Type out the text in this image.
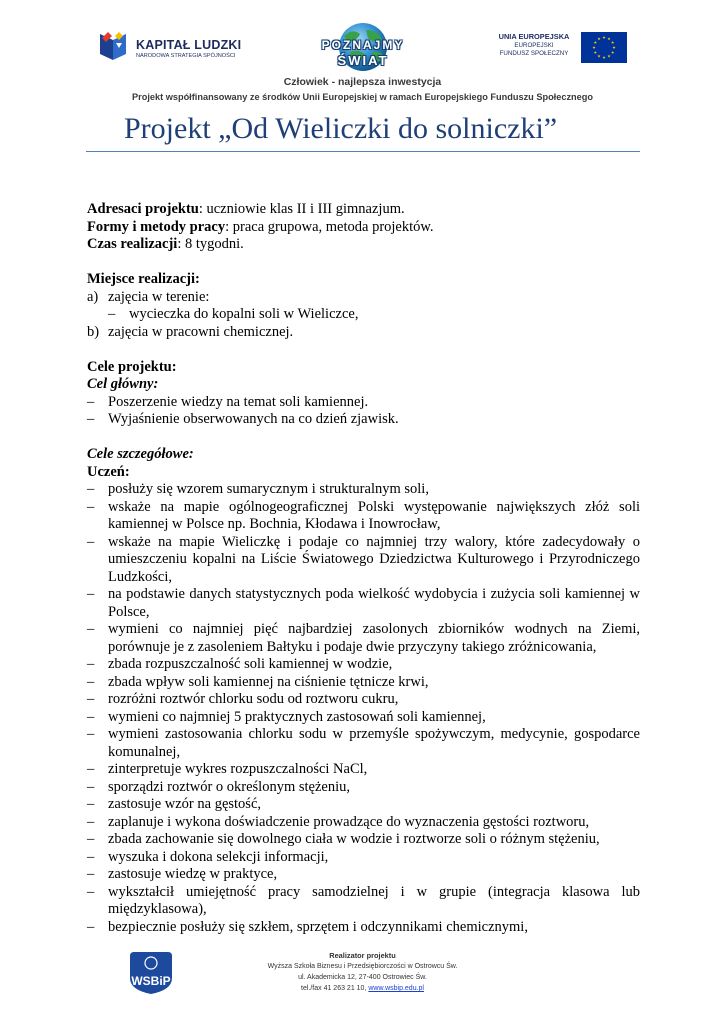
KAPITAŁ LUDZKI
NARODOWA STRATEGIA SPÓJNOŚCI
POZNAJMY
ŚWIAT
UNIA EUROPEJSKA
EUROPEJSKI
FUNDUSZ SPOŁECZNY
Człowiek - najlepsza inwestycja
Projekt współfinansowany ze środków Unii Europejskiej w ramach Europejskiego Funduszu Społecznego
Projekt „Od Wieliczki do solniczki”

Adresaci projektu: uczniowie klas II i III gimnazjum.

Formy i metody pracy: praca grupowa, metoda projektów.

Czas realizacji: 8 tygodni.

Miejsce realizacji:

a) zajęcia w terenie:
– wycieczka do kopalni soli w Wieliczce,
b) zajęcia w pracowni chemicznej.

Cele projektu:

Cel główny:

– Poszerzenie wiedzy na temat soli kamiennej.
– Wyjaśnienie obserwowanych na co dzień zjawisk.

Cele szczegółowe:

Uczeń:

– posłuży się wzorem sumarycznym i strukturalnym soli,
– wskaże na mapie ogólnogeograficznej Polski występowanie największych złóż soli kamiennej w Polsce np. Bochnia, Kłodawa i Inowrocław,
– wskaże na mapie Wieliczkę i podaje co najmniej trzy walory, które zadecydowały o umieszczeniu kopalni na Liście Światowego Dziedzictwa Kulturowego i Przyrodniczego Ludzkości,
– na podstawie danych statystycznych poda wielkość wydobycia i zużycia soli kamiennej w Polsce,
– wymieni co najmniej pięć najbardziej zasolonych zbiorników wodnych na Ziemi, porównuje je z zasoleniem Bałtyku i podaje dwie przyczyny takiego zróżnicowania,
– zbada rozpuszczalność soli kamiennej w wodzie,
– zbada wpływ soli kamiennej na ciśnienie tętnicze krwi,
– rozróżni roztwór chlorku sodu od roztworu cukru,
– wymieni co najmniej 5 praktycznych zastosowań soli kamiennej,
– wymieni zastosowania chlorku sodu w przemyśle spożywczym, medycynie, gospodarce komunalnej,
– zinterpretuje wykres rozpuszczalności NaCl,
– sporządzi roztwór o określonym stężeniu,
– zastosuje wzór na gęstość,
– zaplanuje i wykona doświadczenie prowadzące do wyznaczenia gęstości roztworu,
– zbada zachowanie się dowolnego ciała w wodzie i roztworze soli o różnym stężeniu,
– wyszuka i dokona selekcji informacji,
– zastosuje wiedzę w praktyce,
– wykształcił umiejętność pracy samodzielnej i w grupie (integracja klasowa lub międzyklasowa),
– bezpiecznie posłuży się szkłem, sprzętem i odczynnikami chemicznymi,
WSBiP
Realizator projektu
Wyższa Szkoła Biznesu i Przedsiębiorczości w Ostrowcu Św.
ul. Akademicka 12, 27-400 Ostrowiec Św.
tel./fax 41 263 21 10, www.wsbip.edu.pl
